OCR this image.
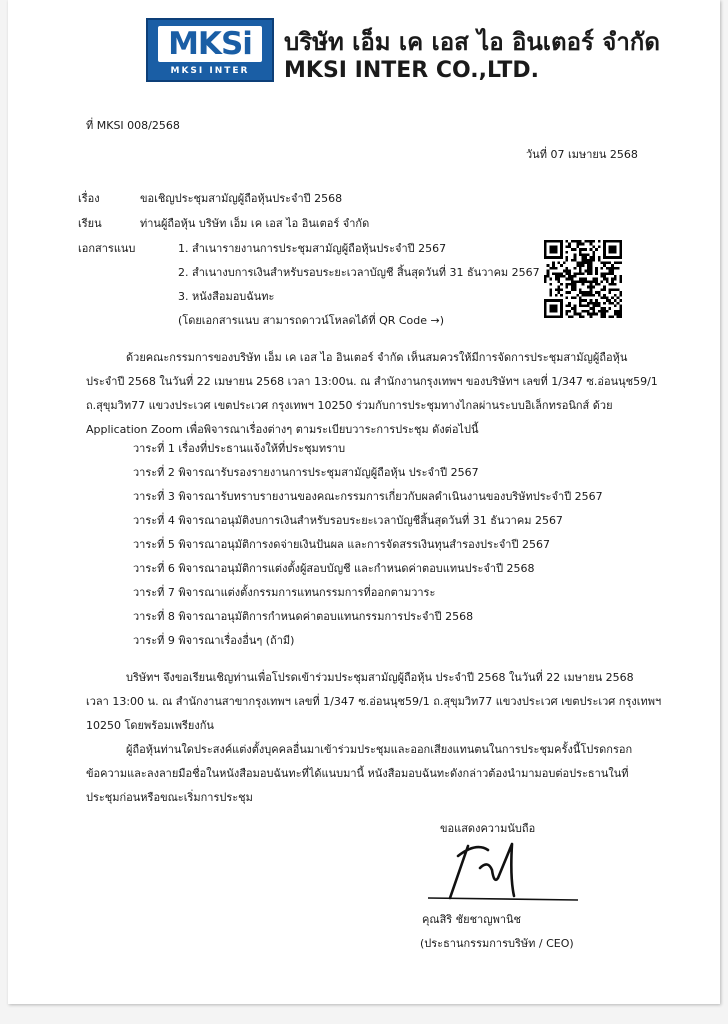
MKSi
MKSI INTER
บริษัท เอ็ม เค เอส ไอ อินเตอร์ จำกัด
MKSI INTER CO.,LTD.
ที่ MKSI 008/2568
วันที่ 07 เมษายน 2568
เรื่อง	ขอเชิญประชุมสามัญผู้ถือหุ้นประจำปี 2568
เรียน	ท่านผู้ถือหุ้น บริษัท เอ็ม เค เอส ไอ อินเตอร์ จำกัด
เอกสารแนบ	1. สำเนารายงานการประชุมสามัญผู้ถือหุ้นประจำปี 2567
2. สำเนางบการเงินสำหรับรอบระยะเวลาบัญชี สิ้นสุดวันที่ 31 ธันวาคม 2567
3. หนังสือมอบฉันทะ
(โดยเอกสารแนบ สามารถดาวน์โหลดได้ที่ QR Code →)
ด้วยคณะกรรมการของบริษัท เอ็ม เค เอส ไอ อินเตอร์ จำกัด เห็นสมควรให้มีการจัดการประชุมสามัญผู้ถือหุ้น
ประจำปี 2568 ในวันที่ 22 เมษายน 2568 เวลา 13:00น. ณ สำนักงานกรุงเทพฯ ของบริษัทฯ เลขที่ 1/347 ซ.อ่อนนุช59/1
ถ.สุขุมวิท77 แขวงประเวศ เขตประเวศ กรุงเทพฯ 10250 ร่วมกับการประชุมทางไกลผ่านระบบอิเล็กทรอนิกส์ ด้วย
Application Zoom เพื่อพิจารณาเรื่องต่างๆ ตามระเบียบวาระการประชุม ดังต่อไปนี้
วาระที่ 1 เรื่องที่ประธานแจ้งให้ที่ประชุมทราบ
วาระที่ 2 พิจารณารับรองรายงานการประชุมสามัญผู้ถือหุ้น ประจำปี 2567
วาระที่ 3 พิจารณารับทราบรายงานของคณะกรรมการเกี่ยวกับผลดำเนินงานของบริษัทประจำปี 2567
วาระที่ 4 พิจารณาอนุมัติงบการเงินสำหรับรอบระยะเวลาบัญชีสิ้นสุดวันที่ 31 ธันวาคม 2567
วาระที่ 5 พิจารณาอนุมัติการงดจ่ายเงินปันผล และการจัดสรรเงินทุนสำรองประจำปี 2567
วาระที่ 6 พิจารณาอนุมัติการแต่งตั้งผู้สอบบัญชี และกำหนดค่าตอบแทนประจำปี 2568
วาระที่ 7 พิจารณาแต่งตั้งกรรมการแทนกรรมการที่ออกตามวาระ
วาระที่ 8 พิจารณาอนุมัติการกำหนดค่าตอบแทนกรรมการประจำปี 2568
วาระที่ 9 พิจารณาเรื่องอื่นๆ (ถ้ามี)
บริษัทฯ จึงขอเรียนเชิญท่านเพื่อโปรดเข้าร่วมประชุมสามัญผู้ถือหุ้น ประจำปี 2568 ในวันที่ 22 เมษายน 2568
เวลา 13:00 น. ณ สำนักงานสาขากรุงเทพฯ เลขที่ 1/347 ซ.อ่อนนุช59/1 ถ.สุขุมวิท77 แขวงประเวศ เขตประเวศ กรุงเทพฯ
10250 โดยพร้อมเพรียงกัน
ผู้ถือหุ้นท่านใดประสงค์แต่งตั้งบุคคลอื่นมาเข้าร่วมประชุมและออกเสียงแทนตนในการประชุมครั้งนี้โปรดกรอก
ข้อความและลงลายมือชื่อในหนังสือมอบฉันทะที่ได้แนบมานี้ หนังสือมอบฉันทะดังกล่าวต้องนำมามอบต่อประธานในที่
ประชุมก่อนหรือขณะเริ่มการประชุม
ขอแสดงความนับถือ
คุณสิริ ชัยชาญพานิช
(ประธานกรรมการบริษัท / CEO)
